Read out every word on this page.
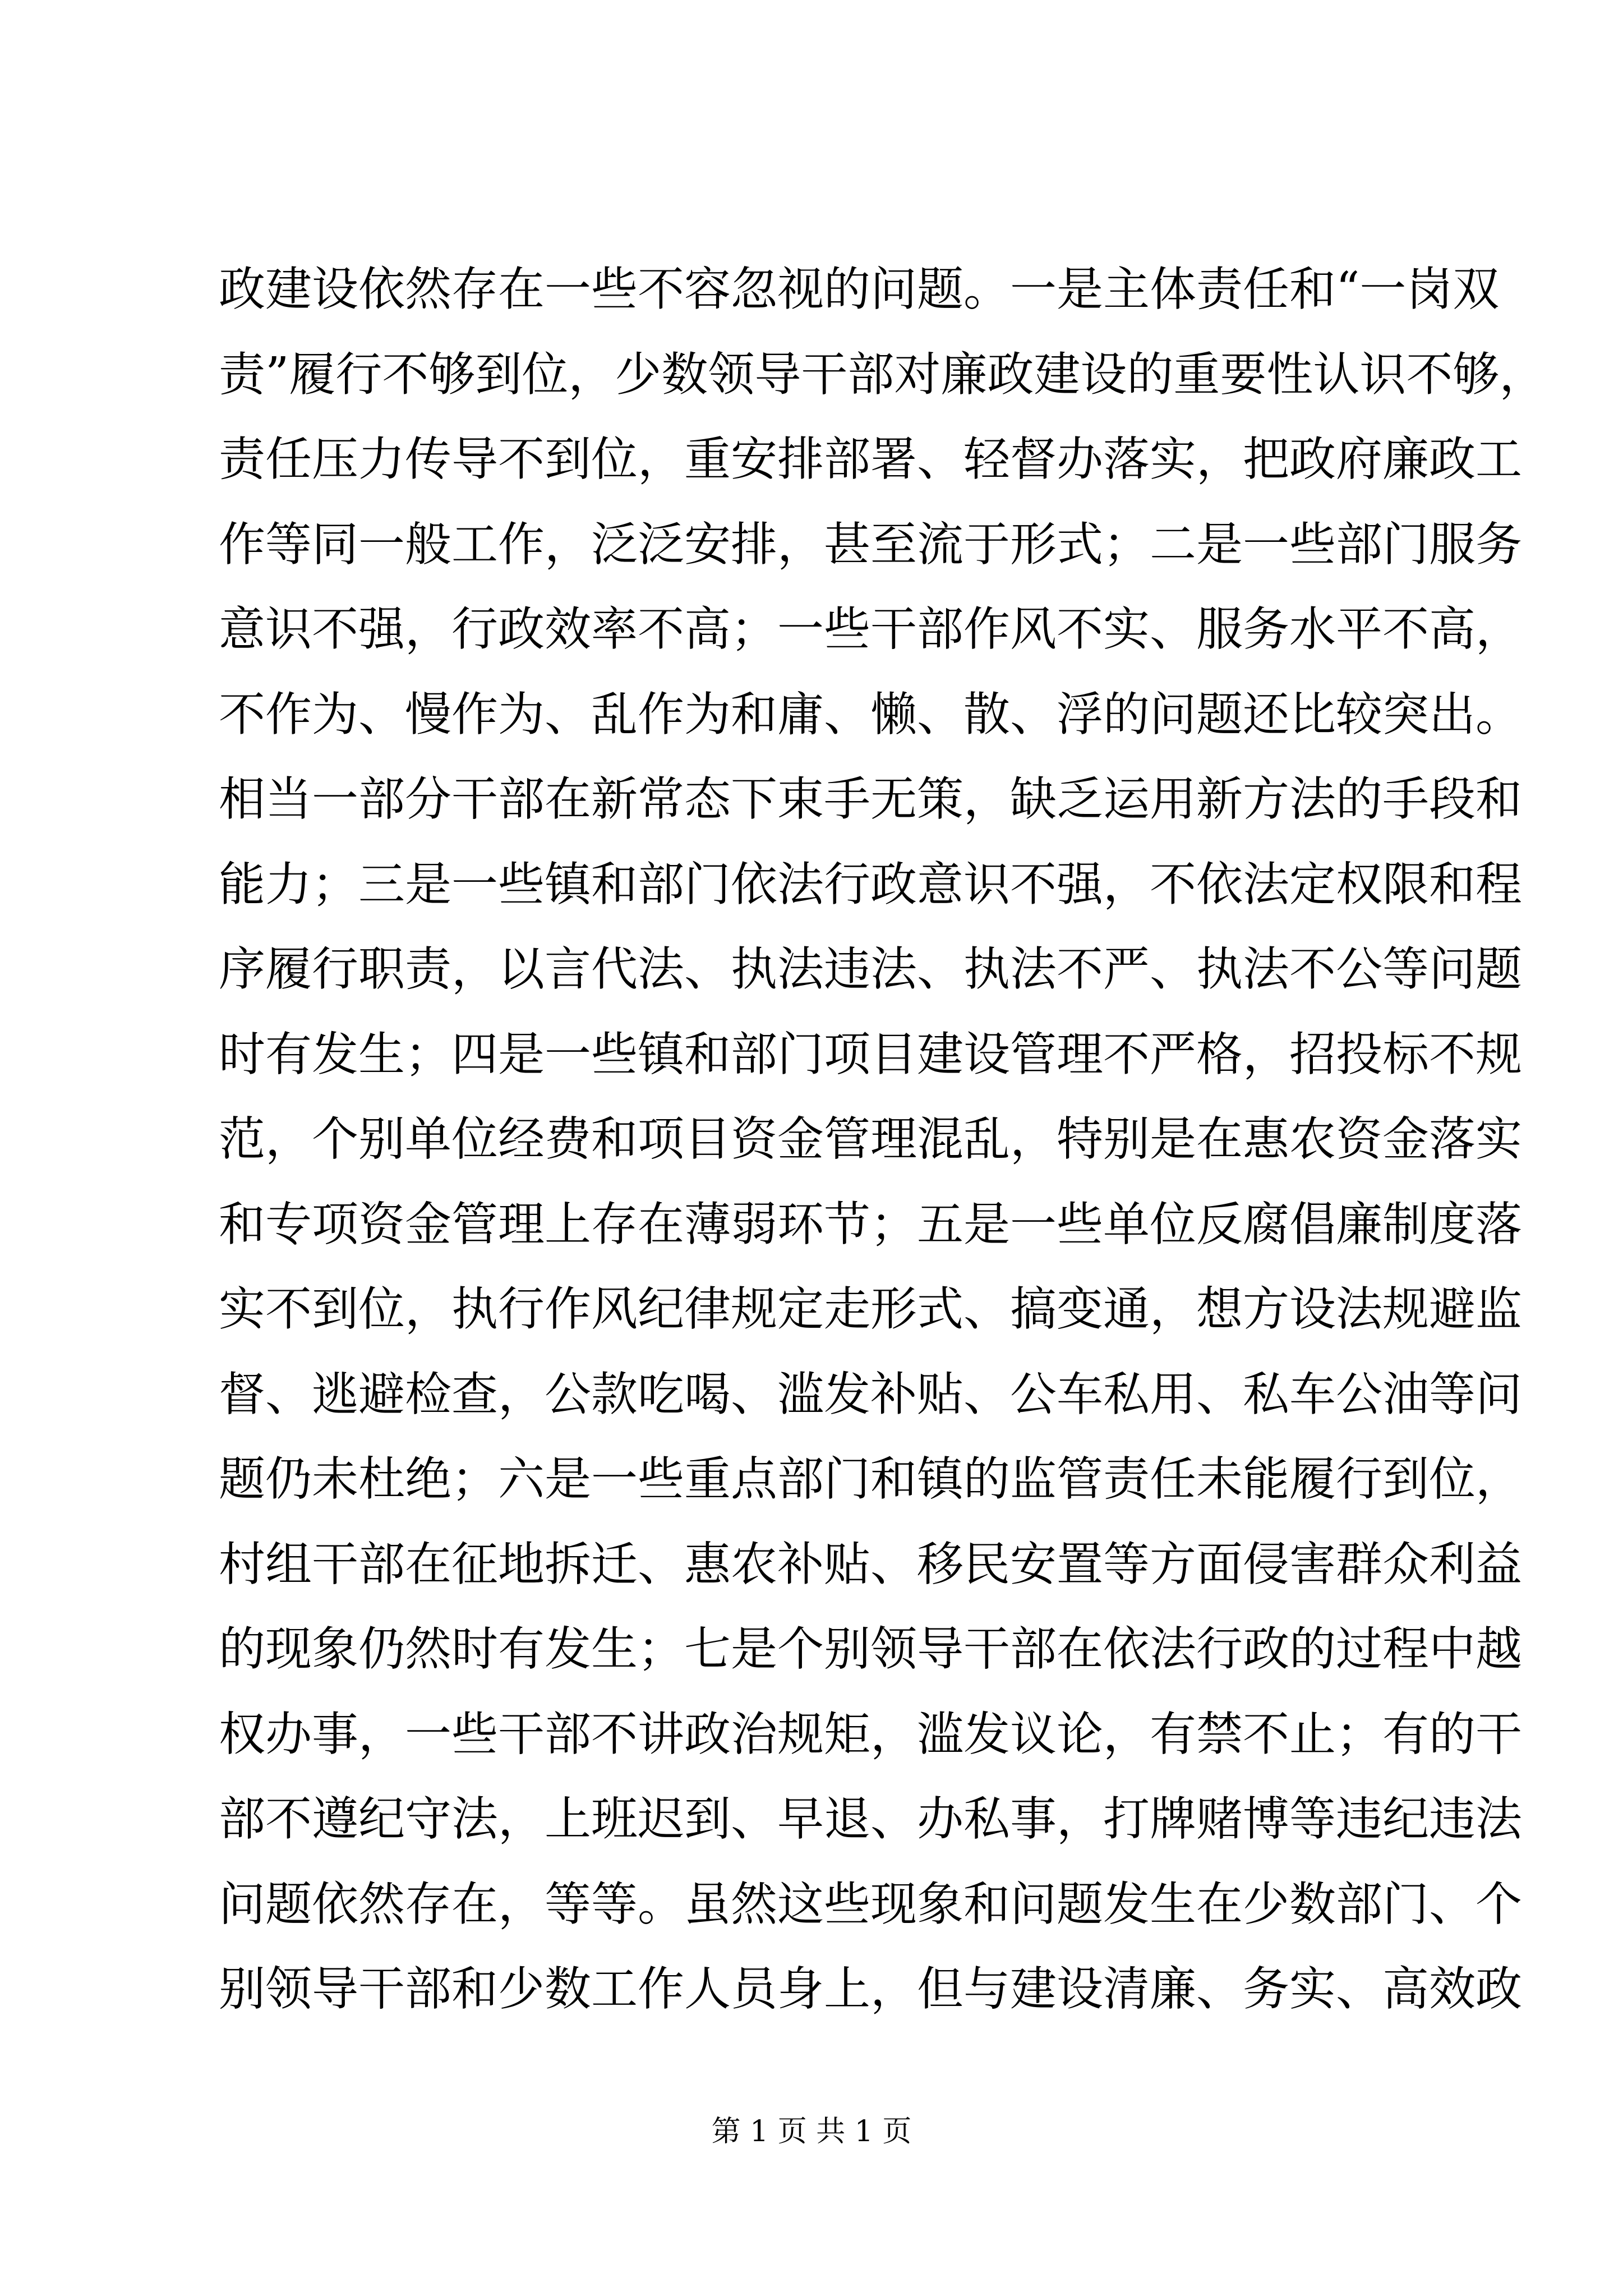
政建设依然存在一些不容忽视的问题。一是主体责任和“一岗双
责”履行不够到位，少数领导干部对廉政建设的重要性认识不够，
责任压力传导不到位，重安排部署、轻督办落实，把政府廉政工
作等同一般工作，泛泛安排，甚至流于形式；二是一些部门服务
意识不强，行政效率不高；一些干部作风不实、服务水平不高，
不作为、慢作为、乱作为和庸、懒、散、浮的问题还比较突出。
相当一部分干部在新常态下束手无策，缺乏运用新方法的手段和
能力；三是一些镇和部门依法行政意识不强，不依法定权限和程
序履行职责，以言代法、执法违法、执法不严、执法不公等问题
时有发生；四是一些镇和部门项目建设管理不严格，招投标不规
范，个别单位经费和项目资金管理混乱，特别是在惠农资金落实
和专项资金管理上存在薄弱环节；五是一些单位反腐倡廉制度落
实不到位，执行作风纪律规定走形式、搞变通，想方设法规避监
督、逃避检查，公款吃喝、滥发补贴、公车私用、私车公油等问
题仍未杜绝；六是一些重点部门和镇的监管责任未能履行到位，
村组干部在征地拆迁、惠农补贴、移民安置等方面侵害群众利益
的现象仍然时有发生；七是个别领导干部在依法行政的过程中越
权办事，一些干部不讲政治规矩，滥发议论，有禁不止；有的干
部不遵纪守法，上班迟到、早退、办私事，打牌赌博等违纪违法
问题依然存在，等等。虽然这些现象和问题发生在少数部门、个
别领导干部和少数工作人员身上，但与建设清廉、务实、高效政
第 1 页 共 1 页
